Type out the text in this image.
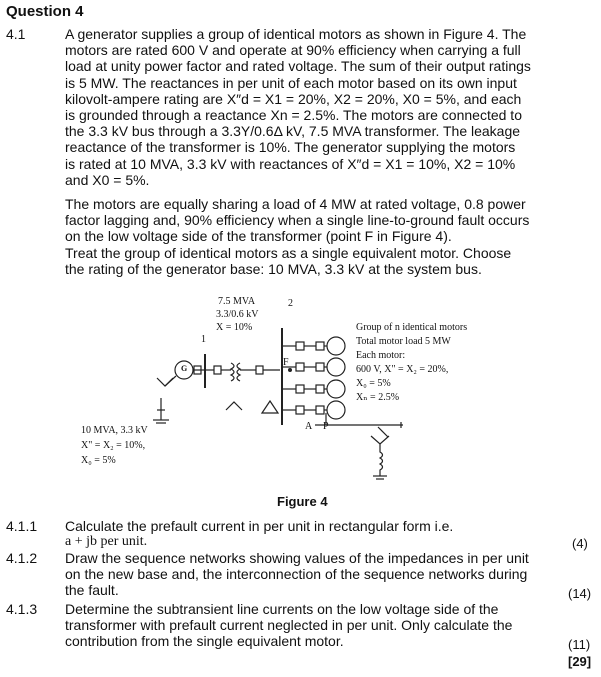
Question 4
4.1	A generator supplies a group of identical motors as shown in Figure 4. The
motors are rated 600 V and operate at 90% efficiency when carrying a full
load at unity power factor and rated voltage. The sum of their output ratings
is 5 MW. The reactances in per unit of each motor based on its own input
kilovolt-ampere rating are X″d = X1 = 20%, X2 = 20%, X0 = 5%, and each
is grounded through a reactance Xn = 2.5%. The motors are connected to
the 3.3 kV bus through a 3.3Y/0.6Δ kV, 7.5 MVA transformer. The leakage
reactance of the transformer is 10%. The generator supplying the motors
is rated at 10 MVA, 3.3 kV with reactances of X″d = X1 = 10%, X2 = 10%
and X0 = 5%.
The motors are equally sharing a load of 4 MW at rated voltage, 0.8 power
factor lagging and, 90% efficiency when a single line-to-ground fault occurs
on the low voltage side of the transformer (point F in Figure 4).
Treat the group of identical motors as a single equivalent motor. Choose
the rating of the generator base: 10 MVA, 3.3 kV at the system bus.
7.5 MVA
3.3/0.6 kV
X = 10%
2
1
F
G
10 MVA, 3.3 kV
X" = X₂ = 10%,
X₀ = 5%
Group of n identical motors
Total motor load 5 MW
Each motor:
600 V, X" = X₂ = 20%,
X₀ = 5%
Xₙ = 2.5%
A P
Figure 4
4.1.1 Calculate the prefault current in per unit in rectangular form i.e.
a + jb per unit.	(4)
4.1.2 Draw the sequence networks showing values of the impedances in per unit
on the new base and, the interconnection of the sequence networks during
the fault.	(14)
4.1.3 Determine the subtransient line currents on the low voltage side of the
transformer with prefault current neglected in per unit. Only calculate the
contribution from the single equivalent motor.	(11)
[29]
